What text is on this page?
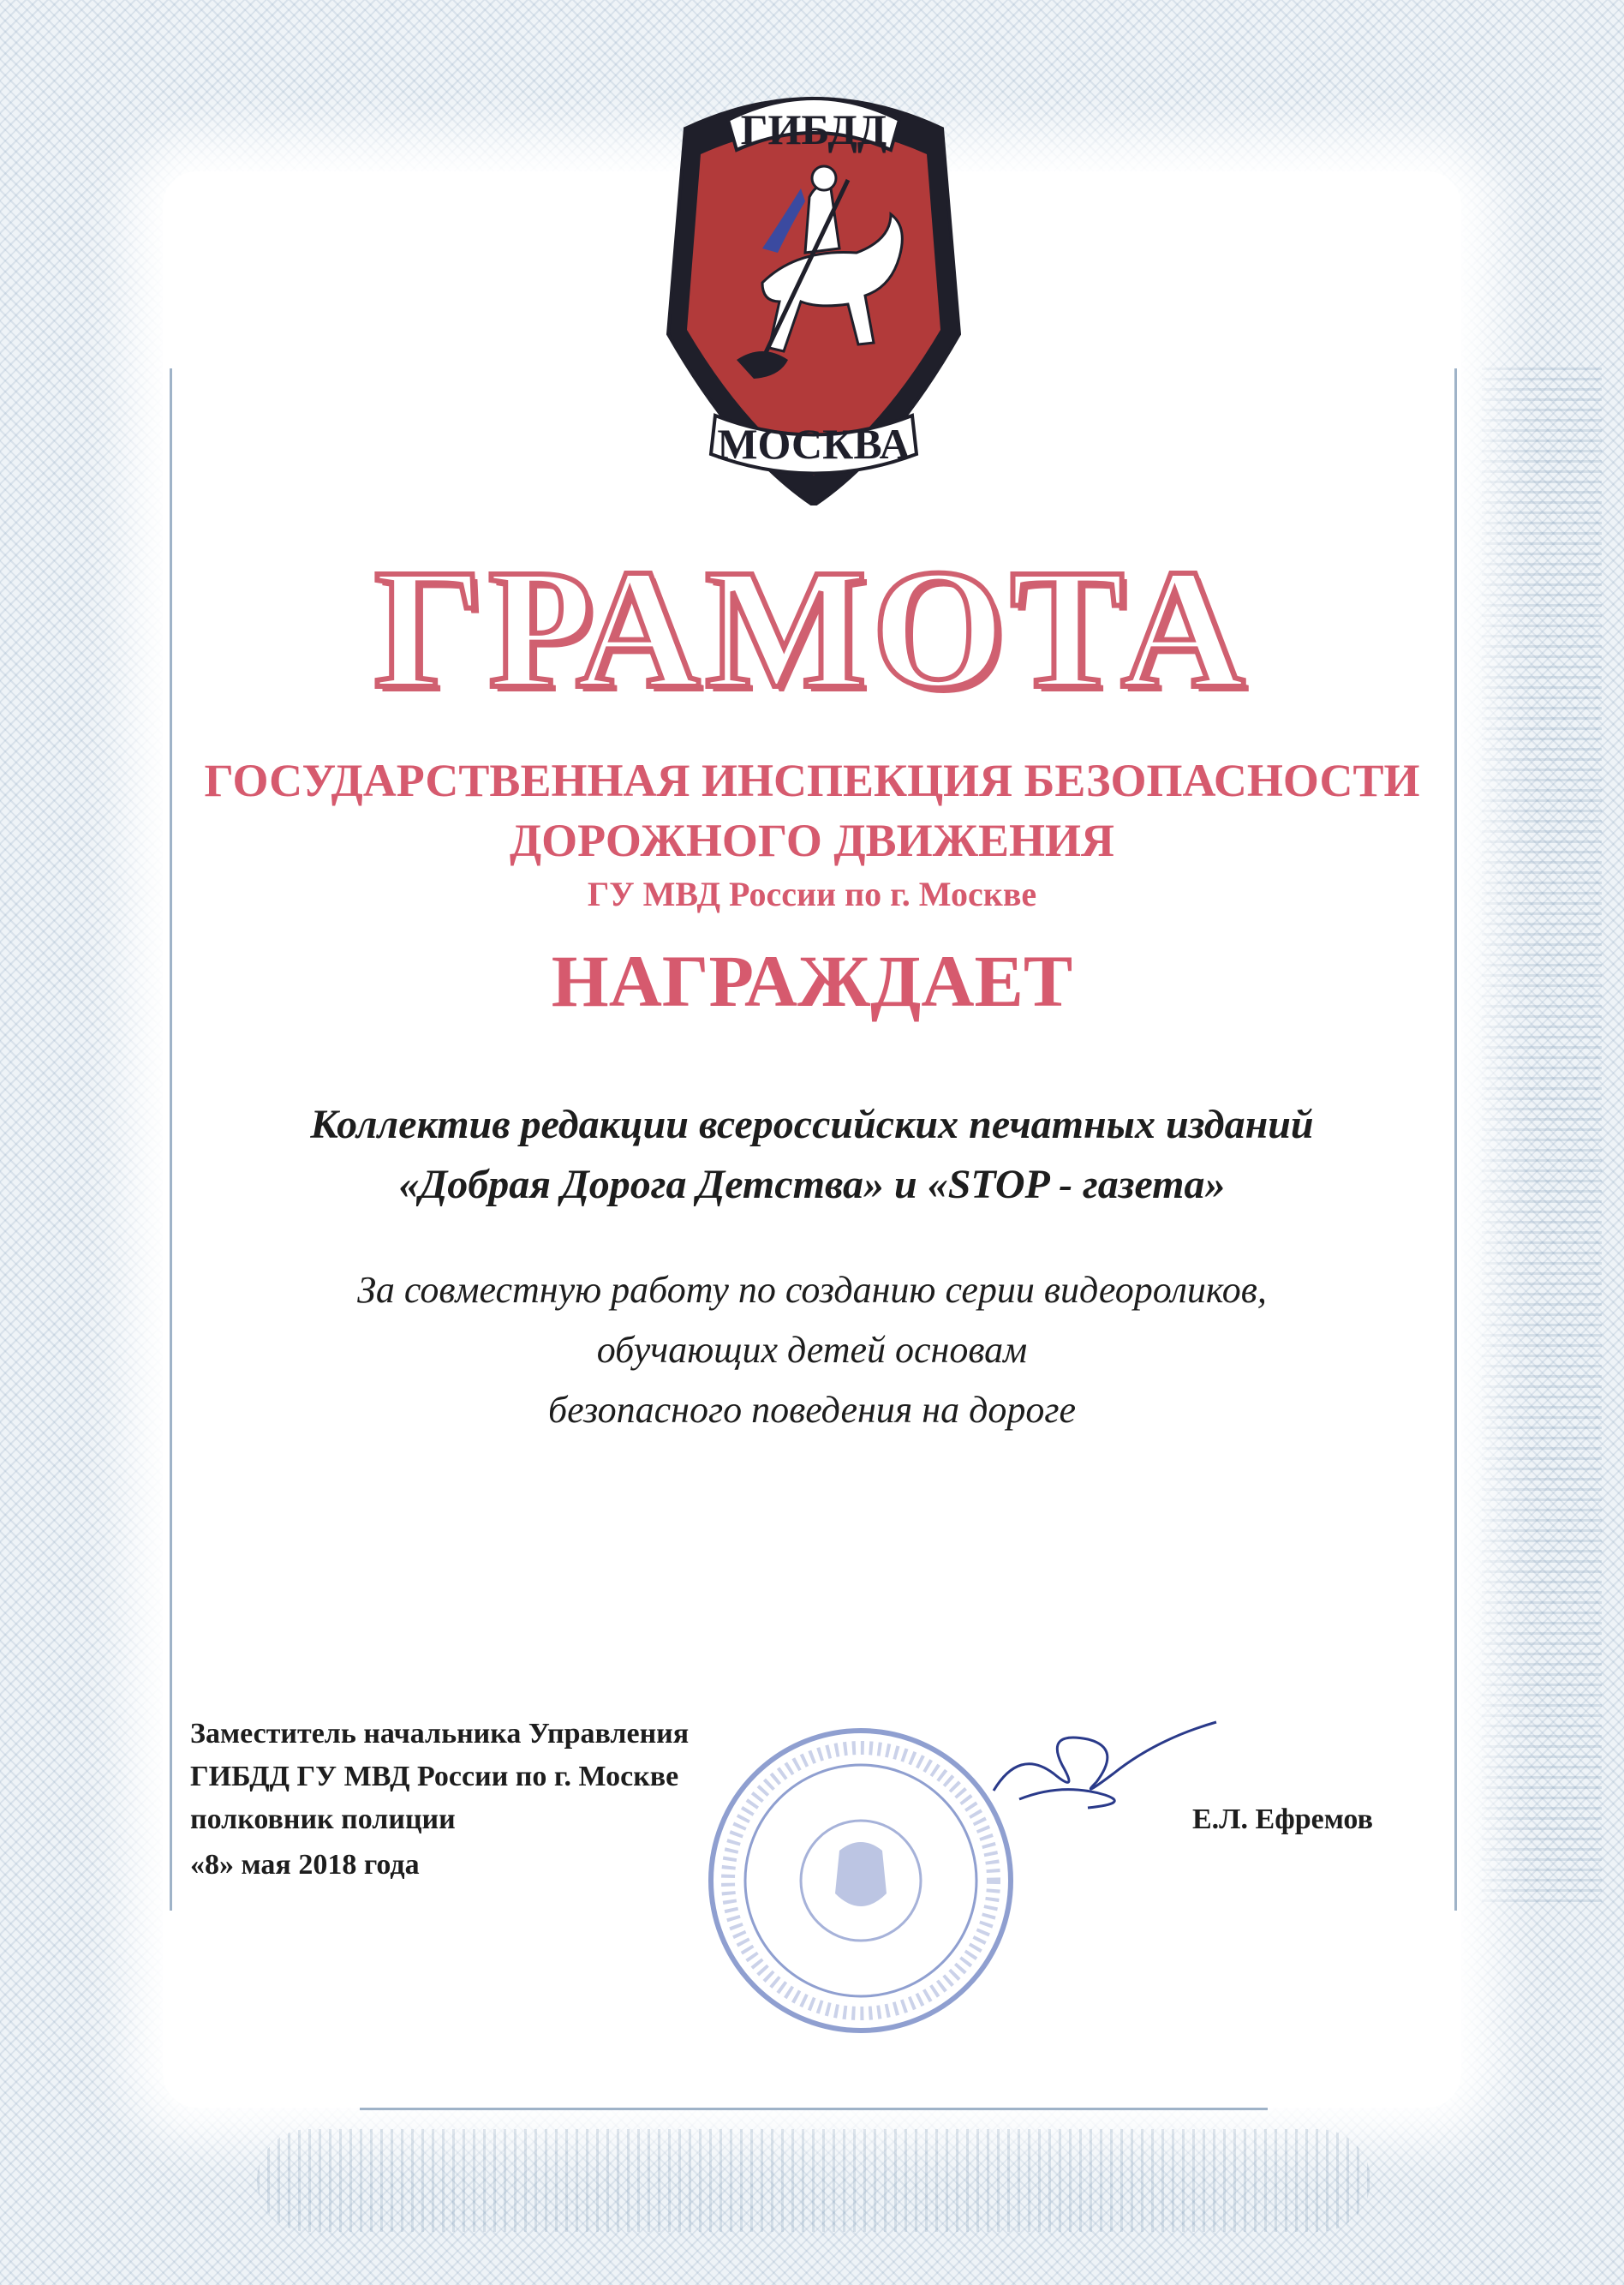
ГИБДД
МОСКВА
ГРАМОТА
ГОСУДАРСТВЕННАЯ ИНСПЕКЦИЯ БЕЗОПАСНОСТИ
ДОРОЖНОГО ДВИЖЕНИЯ
ГУ МВД России по г. Москве
НАГРАЖДАЕТ
Коллектив редакции всероссийских печатных изданий
«Добрая Дорога Детства» и «STOP - газета»
За совместную работу по созданию серии видеороликов,
обучающих детей основам
безопасного поведения на дороге
Заместитель начальника Управления
ГИБДД ГУ МВД России по г. Москве
полковник полиции
«8» мая 2018 года
Е.Л. Ефремов
